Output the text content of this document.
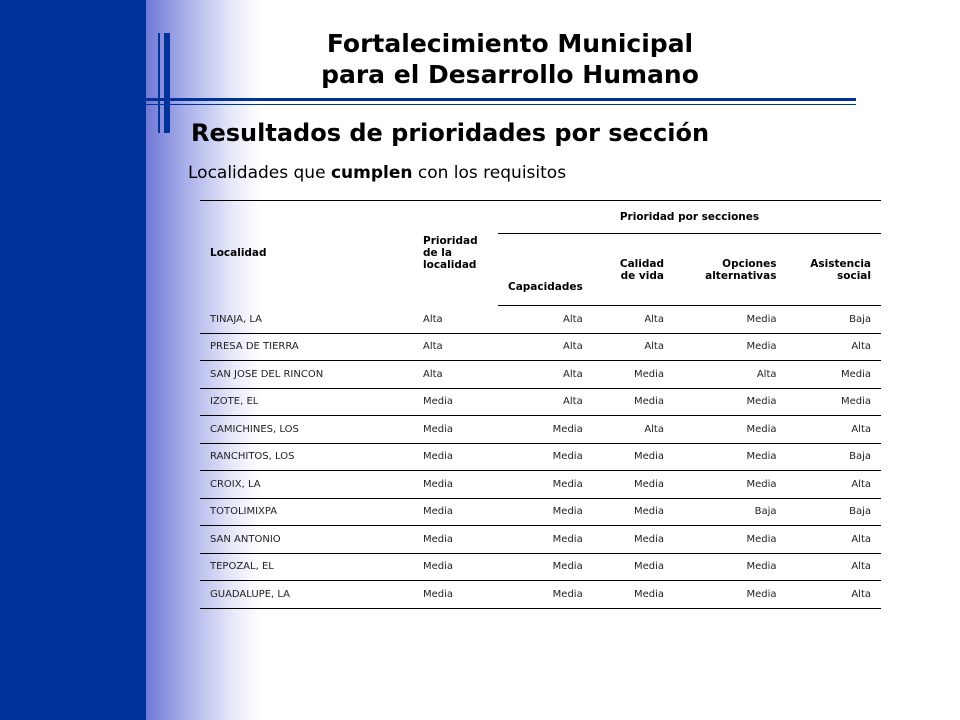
Fortalecimiento Municipal
para el Desarrollo Humano
Resultados de prioridades por sección
Localidades que cumplen con los requisitos
Localidad	Prioridad de la localidad	Prioridad por secciones			
		Capacidades	Calidad de vida	Opciones alternativas	Asistencia social
TINAJA, LA	Alta	Alta	Alta	Media	Baja
PRESA DE TIERRA	Alta	Alta	Alta	Media	Alta
SAN JOSE DEL RINCON	Alta	Alta	Media	Alta	Media
IZOTE, EL	Media	Alta	Media	Media	Media
CAMICHINES, LOS	Media	Media	Alta	Media	Alta
RANCHITOS, LOS	Media	Media	Media	Media	Baja
CROIX, LA	Media	Media	Media	Media	Alta
TOTOLIMIXPA	Media	Media	Media	Baja	Baja
SAN ANTONIO	Media	Media	Media	Media	Alta
TEPOZAL, EL	Media	Media	Media	Media	Alta
GUADALUPE, LA	Media	Media	Media	Media	Alta
